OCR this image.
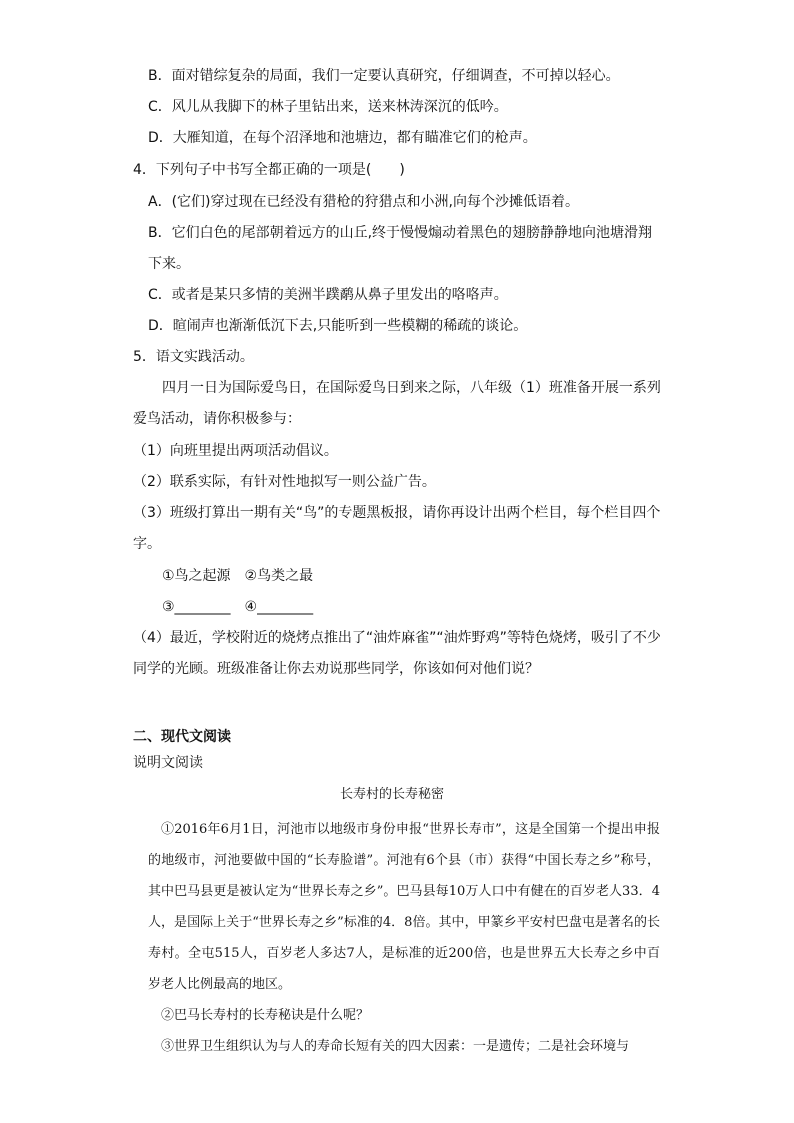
B．面对错综复杂的局面，我们一定要认真研究，仔细调查，不可掉以轻心。
C．风儿从我脚下的林子里钻出来，送来林涛深沉的低吟。
D．大雁知道，在每个沼泽地和池塘边，都有瞄准它们的枪声。
4．下列句子中书写全都正确的一项是(　　)
A．(它们)穿过现在已经没有猎枪的狩猎点和小洲,向每个沙摊低语着。
B．它们白色的尾部朝着远方的山丘,终于慢慢煽动着黑色的翅膀静静地向池塘滑翔
下来。
C．或者是某只多情的美洲半蹼鹬从鼻子里发出的咯咯声。
D．暄闹声也渐渐低沉下去,只能听到一些模糊的稀疏的谈论。
5．语文实践活动。
四月一日为国际爱鸟日，在国际爱鸟日到来之际，八年级（1）班准备开展一系列
爱鸟活动，请你积极参与：
（1）向班里提出两项活动倡议。
（2）联系实际，有针对性地拟写一则公益广告。
（3）班级打算出一期有关“鸟”的专题黑板报，请你再设计出两个栏目，每个栏目四个
字。
①鸟之起源　②鸟类之最
③________　④________
（4）最近，学校附近的烧烤点推出了“油炸麻雀”“油炸野鸡”等特色烧烤，吸引了不少
同学的光顾。班级准备让你去劝说那些同学，你该如何对他们说？
二、现代文阅读
说明文阅读
长寿村的长寿秘密
①2016年6月1日，河池市以地级市身份申报“世界长寿市”，这是全国第一个提出申报的地级市，河池要做中国的“长寿脸谱”。河池有6个县（市）获得“中国长寿之乡”称号，其中巴马县更是被认定为“世界长寿之乡”。巴马县每10万人口中有健在的百岁老人33．4人，是国际上关于“世界长寿之乡”标准的4．8倍。其中，甲篆乡平安村巴盘屯是著名的长寿村。全屯515人，百岁老人多达7人，是标准的近200倍，也是世界五大长寿之乡中百岁老人比例最高的地区。
②巴马长寿村的长寿秘诀是什么呢？
③世界卫生组织认为与人的寿命长短有关的四大因素：一是遗传；二是社会环境与
